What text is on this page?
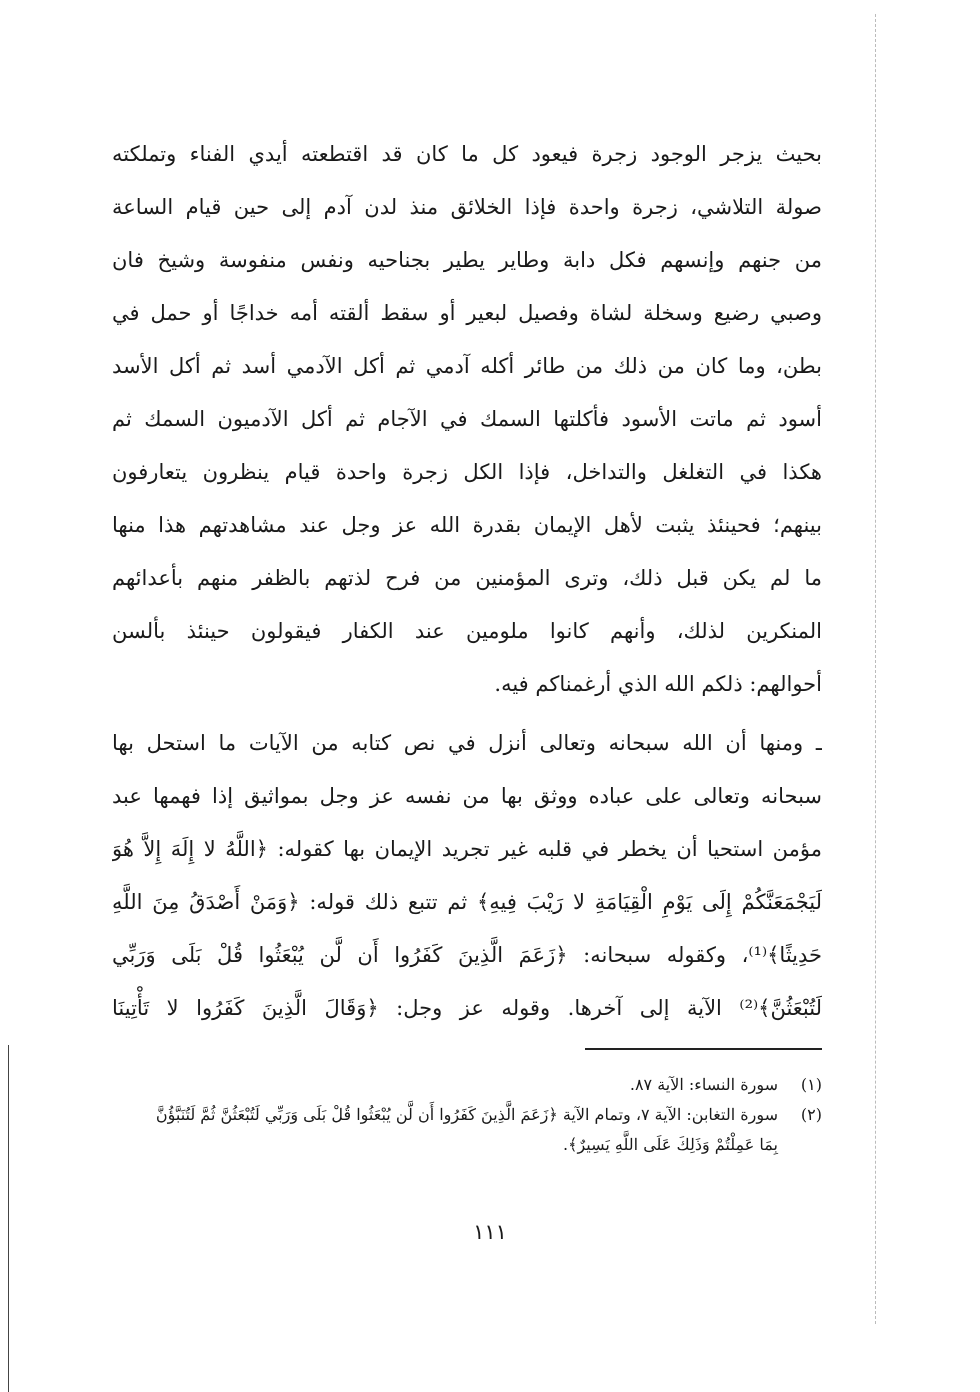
بحيث يزجر الوجود زجرة فيعود كل ما كان قد اقتطعته أيدي الفناء وتملكته
صولة التلاشي، زجرة واحدة فإذا الخلائق منذ لدن آدم إلى حين قيام الساعة
من جنهم وإنسهم فكل دابة وطاير يطير بجناحيه ونفس منفوسة وشيخ فان
وصبي رضيع وسخلة لشاة وفصيل لبعير أو سقط ألقته أمه خداجًا أو حمل في
بطن، وما كان من ذلك من طائر أكله آدمي ثم أكل الآدمي أسد ثم أكل الأسد
أسود ثم ماتت الأسود فأكلتها السمك في الآجام ثم أكل الآدميون السمك ثم
هكذا في التغلغل والتداخل، فإذا الكل زجرة واحدة قيام ينظرون يتعارفون
بينهم؛ فحينئذ يثبت لأهل الإيمان بقدرة الله عز وجل عند مشاهدتهم هذا منها
ما لم يكن قبل ذلك، وترى المؤمنين من فرح لذتهم بالظفر منهم بأعدائهم
المنكرين لذلك، وأنهم كانوا ملومين عند الكفار فيقولون حينئذ بألسن
أحوالهم: ذلكم الله الذي أرغمناكم فيه.
ـ ومنها أن الله سبحانه وتعالى أنزل في نص كتابه من الآيات ما استحل بها
سبحانه وتعالى على عباده ووثق بها من نفسه عز وجل بمواثيق إذا فهمها عبد
مؤمن استحيا أن يخطر في قلبه غير تجريد الإيمان بها كقوله: ﴿اللَّهُ لا إِلَهَ إِلاَّ هُوَ
لَيَجْمَعَنَّكُمْ إِلَى يَوْمِ الْقِيَامَةِ لا رَيْبَ فِيهِ﴾ ثم تتبع ذلك قوله: ﴿وَمَنْ أَصْدَقُ مِنَ اللَّهِ
حَدِيثًا﴾⁽¹⁾، وكقوله سبحانه: ﴿زَعَمَ الَّذِينَ كَفَرُوا أَن لَّن يُبْعَثُوا قُلْ بَلَى وَرَبِّي
لَتُبْعَثُنَّ﴾⁽²⁾ الآية إلى آخرها. وقوله عز وجل: ﴿وَقَالَ الَّذِينَ كَفَرُوا لا تَأْتِينَا
(١)
سورة النساء: الآية ٨٧.
(٢)
سورة التغابن: الآية ٧، وتمام الآية ﴿زَعَمَ الَّذِينَ كَفَرُوا أَن لَّن يُبْعَثُوا قُلْ بَلَى وَرَبِّي لَتُبْعَثُنَّ ثُمَّ لَتُنَبَّؤُنَّ
بِمَا عَمِلْتُمْ وَذَلِكَ عَلَى اللَّهِ يَسِيرٌ﴾.
١١١
